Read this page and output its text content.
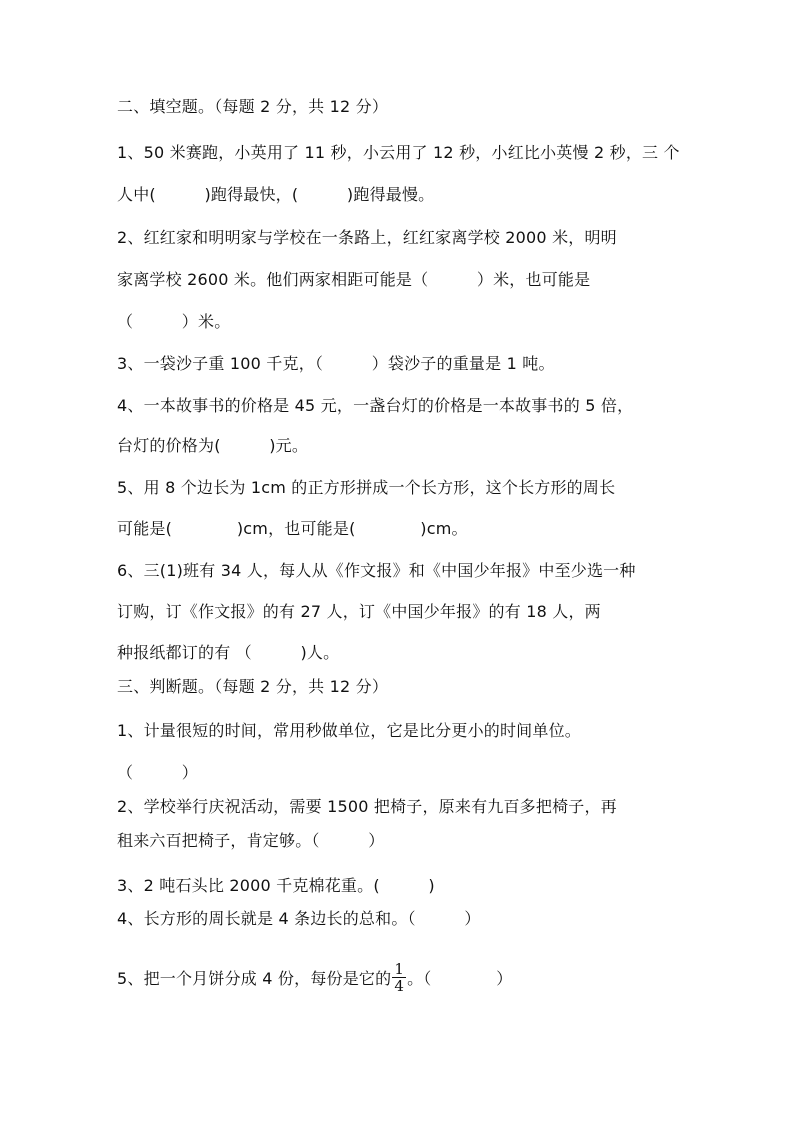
二、填空题。（每题 2 分，共 12 分）
1、50 米赛跑，小英用了 11 秒，小云用了 12 秒，小红比小英慢 2 秒，三 个
人中(　　　)跑得最快，(　　　)跑得最慢。
2、红红家和明明家与学校在一条路上，红红家离学校 2000 米，明明
家离学校 2600 米。他们两家相距可能是（　　　）米，也可能是
（　　　）米。
3、一袋沙子重 100 千克，（　　　）袋沙子的重量是 1 吨。
4、一本故事书的价格是 45 元，一盏台灯的价格是一本故事书的 5 倍，
台灯的价格为(　　　)元。
5、用 8 个边长为 1cm 的正方形拼成一个长方形，这个长方形的周长
可能是(　　　　)cm，也可能是(　　　　)cm。
6、三(1)班有 34 人，每人从《作文报》和《中国少年报》中至少选一种
订购，订《作文报》的有 27 人，订《中国少年报》的有 18 人，两
种报纸都订的有 （　　　)人。
三、判断题。（每题 2 分，共 12 分）
1、计量很短的时间，常用秒做单位，它是比分更小的时间单位。
（　　　）
2、学校举行庆祝活动，需要 1500 把椅子，原来有九百多把椅子，再
租来六百把椅子，肯定够。（　　　）
3、2 吨石头比 2000 千克棉花重。(　　　)
4、长方形的周长就是 4 条边长的总和。（　　　）
5、把一个月饼分成 4 份，每份是它的 $\frac{1}{4}$ 。（　　　　）
